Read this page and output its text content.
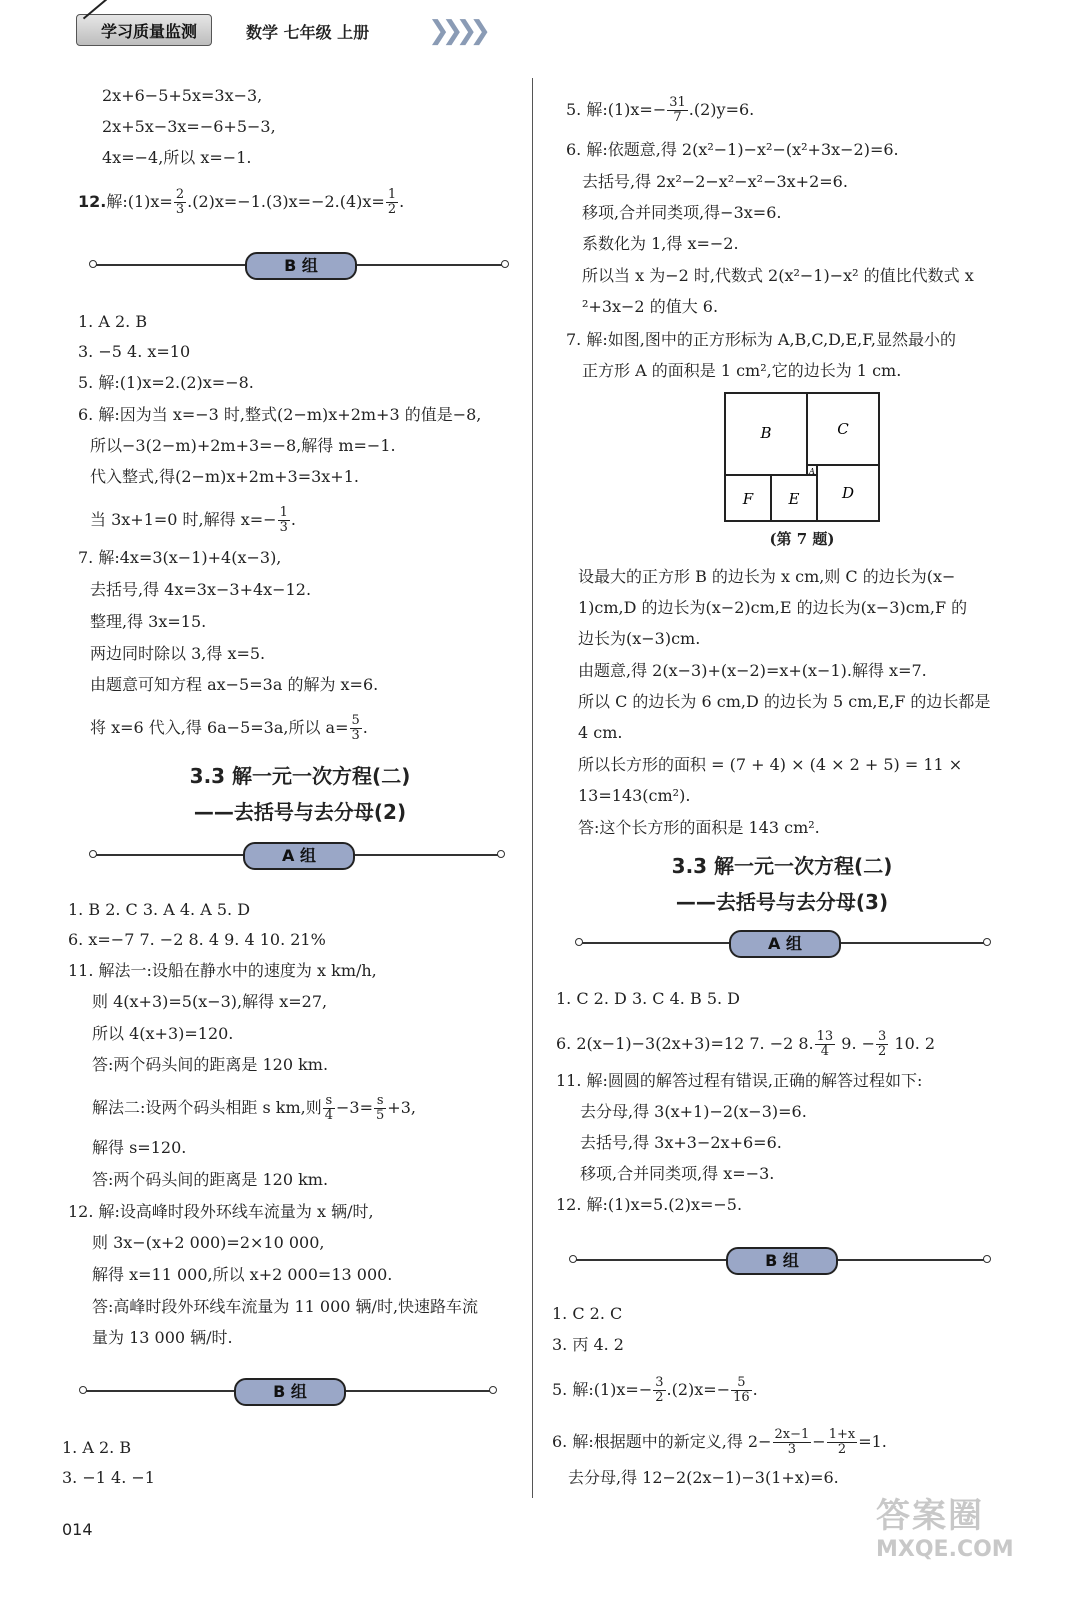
学习质量监测	数学 七年级 上册 ❯❯❯❯
2x+6−5+5x=3x−3,
2x+5x−3x=−6+5−3,
4x=−4,所以 x=−1.
12.解:(1)x= $\frac{2}{3} .(2)x=-1.(3)x=-2.(4)x= \frac{1}{2}$ .
B 组
1. A 2. B
3. −5 4. x=10
5. 解:(1)x=2.(2)x=−8.
6. 解:因为当 x=−3 时,整式(2−m)x+2m+3 的值是−8,
所以−3(2−m)+2m+3=−8,解得 m=−1.
代入整式,得(2−m)x+2m+3=3x+1.
当 3x+1=0 时,解得 $x=- \frac{1}{3}$ .
7. 解:4x=3(x−1)+4(x−3),
去括号,得 4x=3x−3+4x−12.
整理,得 3x=15.
两边同时除以 3,得 x=5.
由题意可知方程 ax−5=3a 的解为 x=6.
将 x=6 代入,得 6a−5=3a,所以 $a= \frac{5}{3}$ .
3.3 解一元一次方程(二)
——去括号与去分母(2)
A 组
1. B 2. C 3. A 4. A 5. D
6. x=−7 7. −2 8. 4 9. 4 10. 21%
11. 解法一:设船在静水中的速度为 x km/h,
则 4(x+3)=5(x−3),解得 x=27,
所以 4(x+3)=120.
答:两个码头间的距离是 120 km.
解法二:设两个码头相距 s km,则 $\frac{s}{4} -3= \frac{s}{5} +3$,
解得 s=120.
答:两个码头间的距离是 120 km.
12. 解:设高峰时段外环线车流量为 x 辆/时,
则 3x−(x+2 000)=2×10 000,
解得 x=11 000,所以 x+2 000=13 000.
答:高峰时段外环线车流量为 11 000 辆/时,快速路车流
量为 13 000 辆/时.
B 组
1. A 2. B
3. −1 4. −1
5. 解:(1)x=− $\frac{31}{7} .(2)y=6$.
6. 解:依题意,得 2(x²−1)−x²−(x²+3x−2)=6.
去括号,得 2x²−2−x²−x²−3x+2=6.
移项,合并同类项,得−3x=6.
系数化为 1,得 x=−2.
所以当 x 为−2 时,代数式 2(x²−1)−x² 的值比代数式 x
²+3x−2 的值大 6.
7. 解:如图,图中的正方形标为 A,B,C,D,E,F,显然最小的
正方形 A 的面积是 1 cm²,它的边长为 1 cm.
B	C
A
F E	D
(第 7 题)
设最大的正方形 B 的边长为 x cm,则 C 的边长为(x−
1)cm,D 的边长为(x−2)cm,E 的边长为(x−3)cm,F 的
边长为(x−3)cm.
由题意,得 2(x−3)+(x−2)=x+(x−1).解得 x=7.
所以 C 的边长为 6 cm,D 的边长为 5 cm,E,F 的边长都是
4 cm.
所以长方形的面积 = (7 + 4) × (4 × 2 + 5) = 11 ×
13=143(cm²).
答:这个长方形的面积是 143 cm².
3.3 解一元一次方程(二)
——去括号与去分母(3)
A 组
1. C 2. D 3. C 4. B 5. D
6. 2(x−1)−3(2x+3)=12 7. −2 8. $\frac{13}{4} 9$. − $\frac{3}{2} 10$. 2
11. 解:圆圆的解答过程有错误,正确的解答过程如下:
去分母,得 3(x+1)−2(x−3)=6.
去括号,得 3x+3−2x+6=6.
移项,合并同类项,得 x=−3.
12. 解:(1)x=5.(2)x=−5.
B 组
1. C 2. C
3. 丙 4. 2
5. 解:(1)x=− $\frac{3}{2} .(2)x=- \frac{5}{16}$ .
6. 解:根据题中的新定义,得 $2- \frac{2x-1}{3} - \frac{1+x}{2} =1$.
去分母,得 12−2(2x−1)−3(1+x)=6.
014	答案圈
MXQE.COM
